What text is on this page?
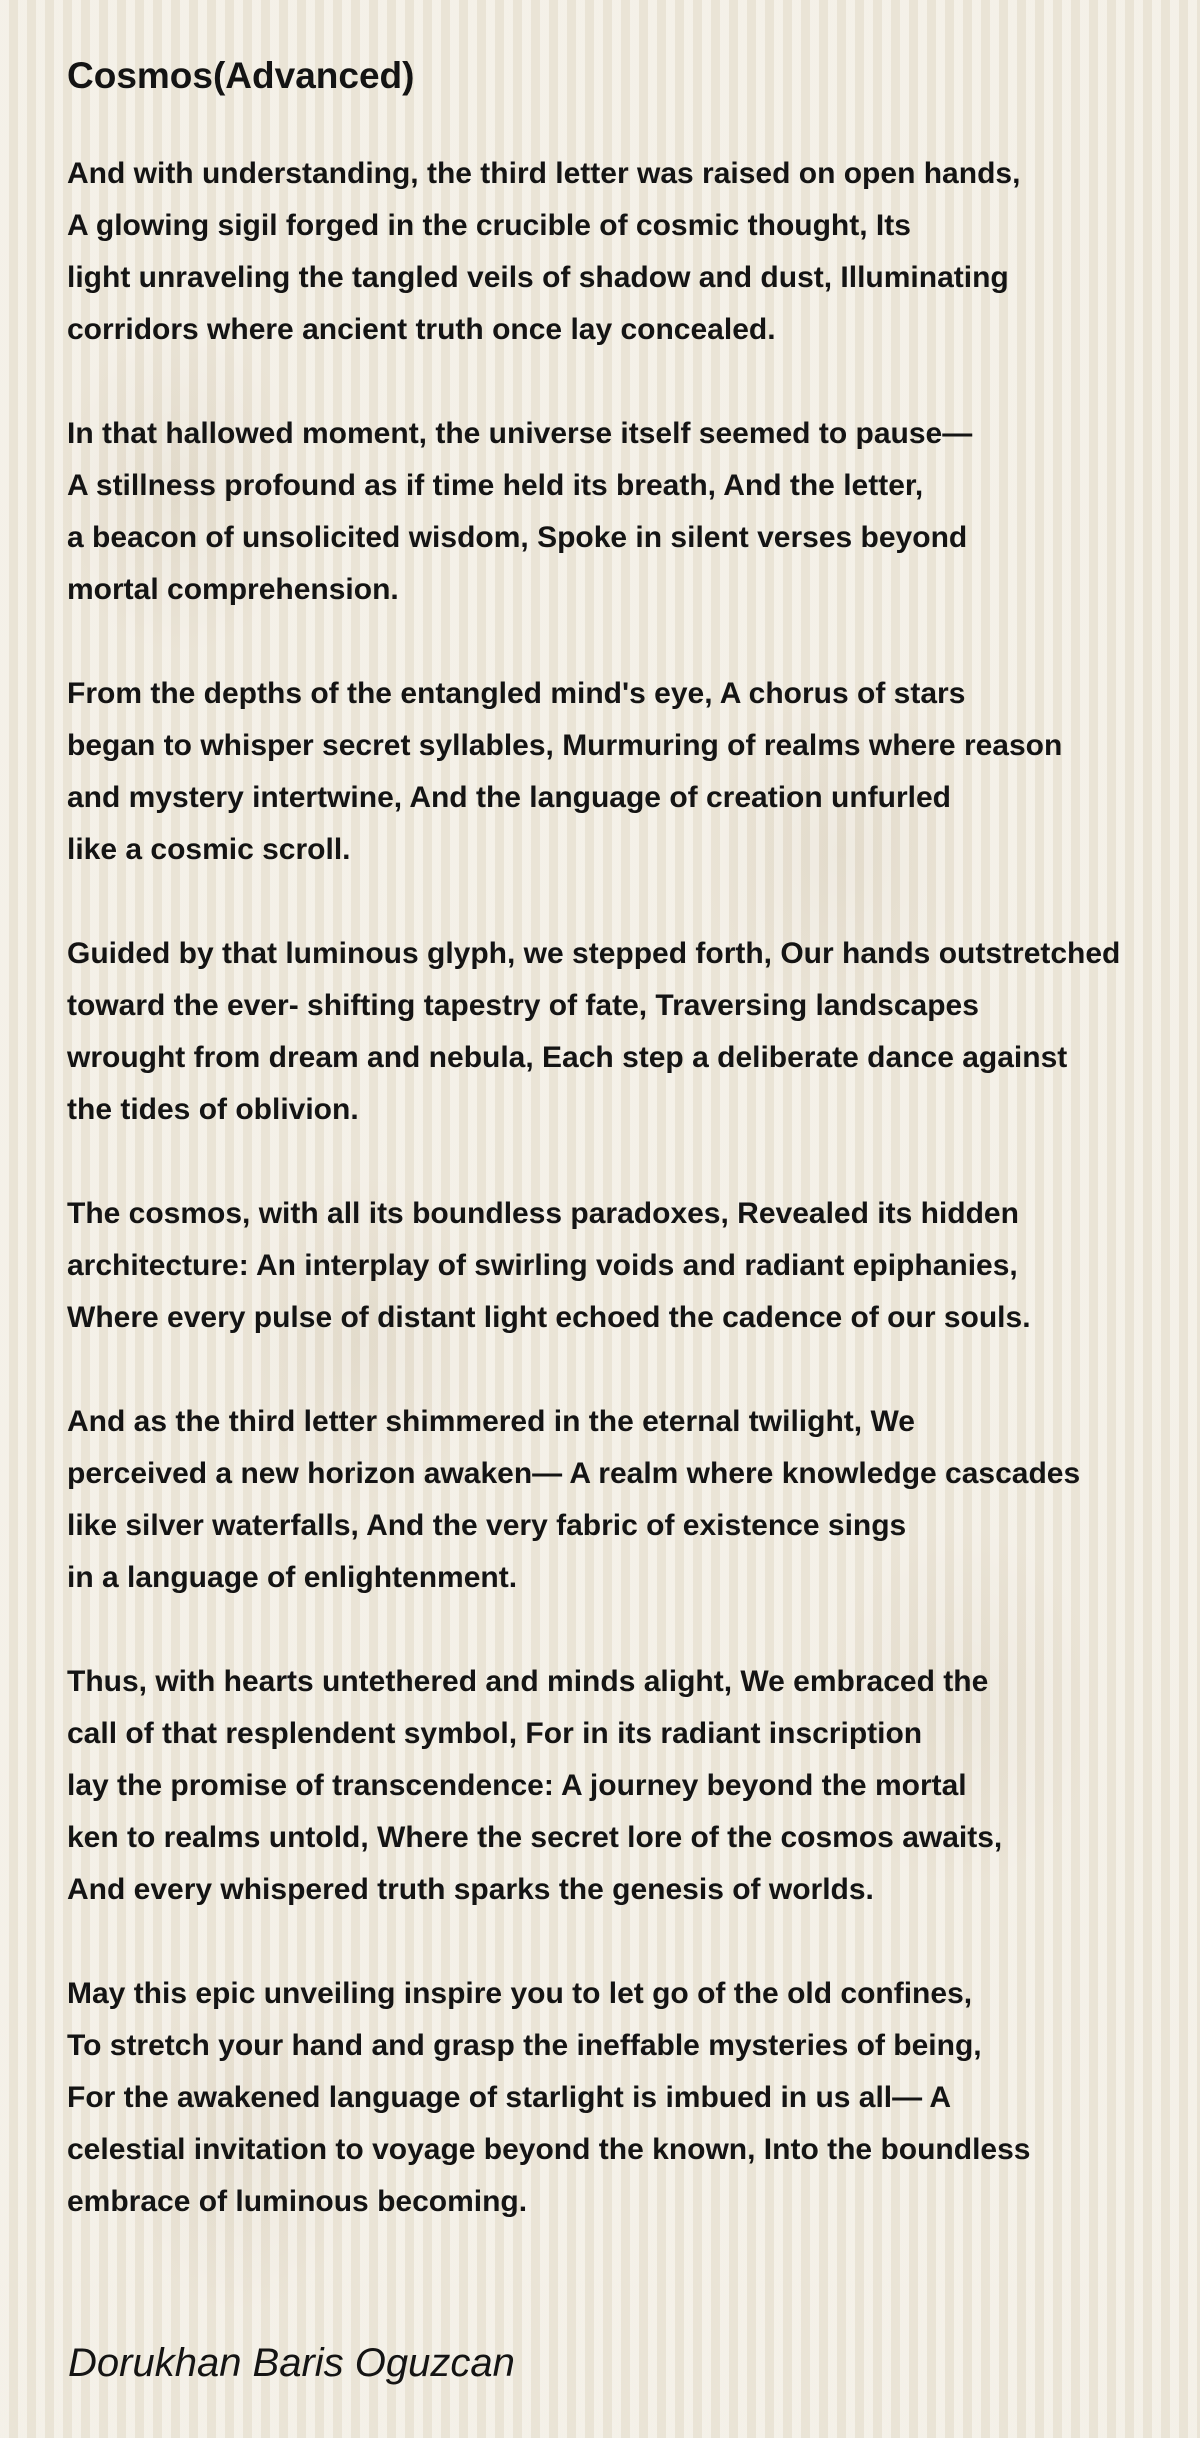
Cosmos(Advanced)
And with understanding, the third letter was raised on open hands,
A glowing sigil forged in the crucible of cosmic thought, Its
light unraveling the tangled veils of shadow and dust, Illuminating
corridors where ancient truth once lay concealed.
In that hallowed moment, the universe itself seemed to pause—
A stillness profound as if time held its breath, And the letter,
a beacon of unsolicited wisdom, Spoke in silent verses beyond
mortal comprehension.
From the depths of the entangled mind's eye, A chorus of stars
began to whisper secret syllables, Murmuring of realms where reason
and mystery intertwine, And the language of creation unfurled
like a cosmic scroll.
Guided by that luminous glyph, we stepped forth, Our hands outstretched
toward the ever- shifting tapestry of fate, Traversing landscapes
wrought from dream and nebula, Each step a deliberate dance against
the tides of oblivion.
The cosmos, with all its boundless paradoxes, Revealed its hidden
architecture: An interplay of swirling voids and radiant epiphanies,
Where every pulse of distant light echoed the cadence of our souls.
And as the third letter shimmered in the eternal twilight, We
perceived a new horizon awaken— A realm where knowledge cascades
like silver waterfalls, And the very fabric of existence sings
in a language of enlightenment.
Thus, with hearts untethered and minds alight, We embraced the
call of that resplendent symbol, For in its radiant inscription
lay the promise of transcendence: A journey beyond the mortal
ken to realms untold, Where the secret lore of the cosmos awaits,
And every whispered truth sparks the genesis of worlds.
May this epic unveiling inspire you to let go of the old confines,
To stretch your hand and grasp the ineffable mysteries of being,
For the awakened language of starlight is imbued in us all— A
celestial invitation to voyage beyond the known, Into the boundless
embrace of luminous becoming.
Dorukhan Baris Oguzcan
